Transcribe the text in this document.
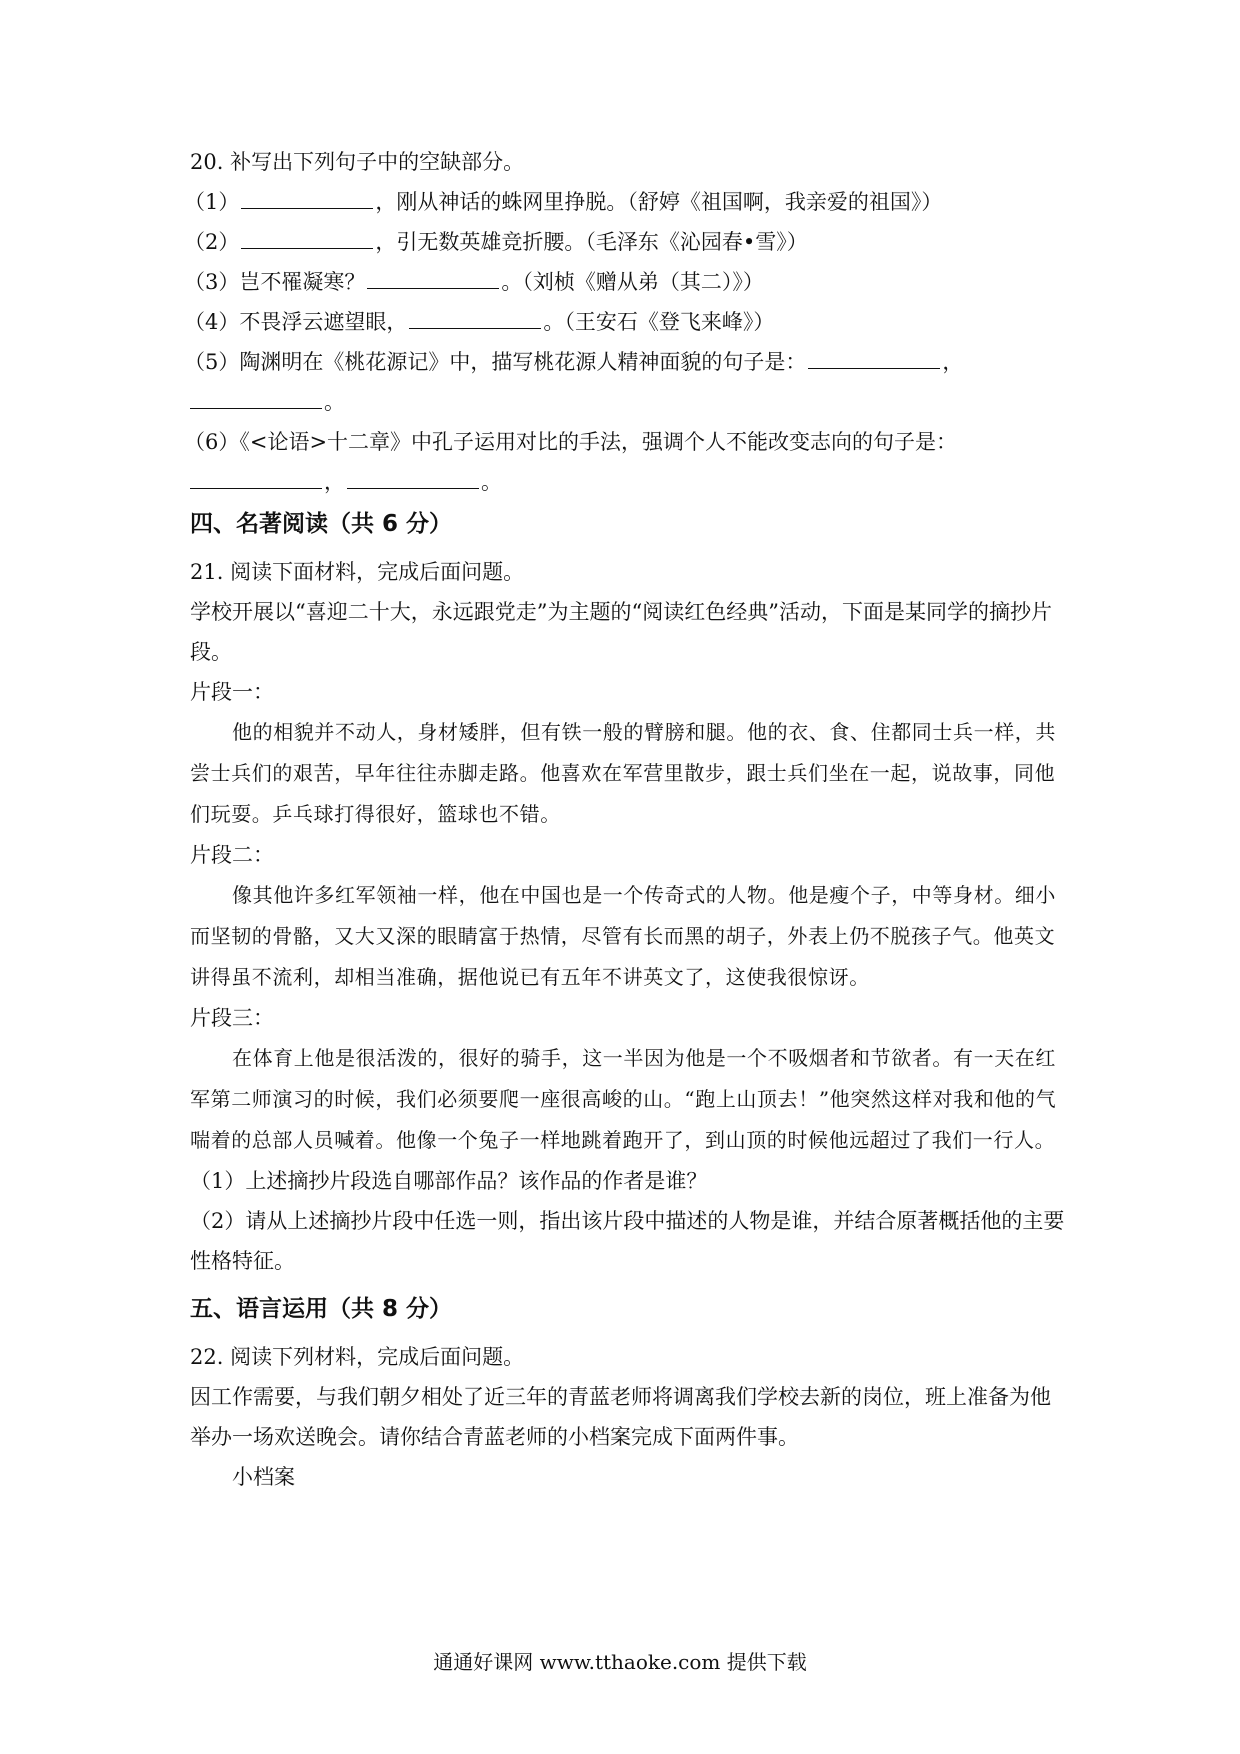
20. 补写出下列句子中的空缺部分。

（1）	，刚从神话的蛛网里挣脱。（舒婷《祖国啊，我亲爱的祖国》）

（2）	，引无数英雄竞折腰。（毛泽东《沁园春•雪》）

（3）岂不罹凝寒？	。（刘桢《赠从弟（其二）》）

（4）不畏浮云遮望眼，	。（王安石《登飞来峰》）

（5）陶渊明在《桃花源记》中，描写桃花源人精神面貌的句子是：	，

。

（6）《<论语>十二章》中孔子运用对比的手法，强调个人不能改变志向的句子是：

，	。

四、名著阅读（共 6 分）

21. 阅读下面材料，完成后面问题。

学校开展以“喜迎二十大，永远跟党走”为主题的“阅读红色经典”活动，下面是某同学的摘抄片段。

片段一：

他的相貌并不动人，身材矮胖，但有铁一般的臂膀和腿。他的衣、食、住都同士兵一样，共尝士兵们的艰苦，早年往往赤脚走路。他喜欢在军营里散步，跟士兵们坐在一起，说故事，同他们玩耍。乒乓球打得很好，篮球也不错。

片段二：

像其他许多红军领袖一样，他在中国也是一个传奇式的人物。他是瘦个子，中等身材。细小而坚韧的骨骼，又大又深的眼睛富于热情，尽管有长而黑的胡子，外表上仍不脱孩子气。他英文讲得虽不流利，却相当准确，据他说已有五年不讲英文了，这使我很惊讶。

片段三：

在体育上他是很活泼的，很好的骑手，这一半因为他是一个不吸烟者和节欲者。有一天在红军第二师演习的时候，我们必须要爬一座很高峻的山。“跑上山顶去！”他突然这样对我和他的气喘着的总部人员喊着。他像一个兔子一样地跳着跑开了，到山顶的时候他远超过了我们一行人。

（1）上述摘抄片段选自哪部作品？该作品的作者是谁？

（2）请从上述摘抄片段中任选一则，指出该片段中描述的人物是谁，并结合原著概括他的主要性格特征。

五、语言运用（共 8 分）

22. 阅读下列材料，完成后面问题。

因工作需要，与我们朝夕相处了近三年的青蓝老师将调离我们学校去新的岗位，班上准备为他举办一场欢送晚会。请你结合青蓝老师的小档案完成下面两件事。

小档案

通通好课网 www.tthaoke.com 提供下载
